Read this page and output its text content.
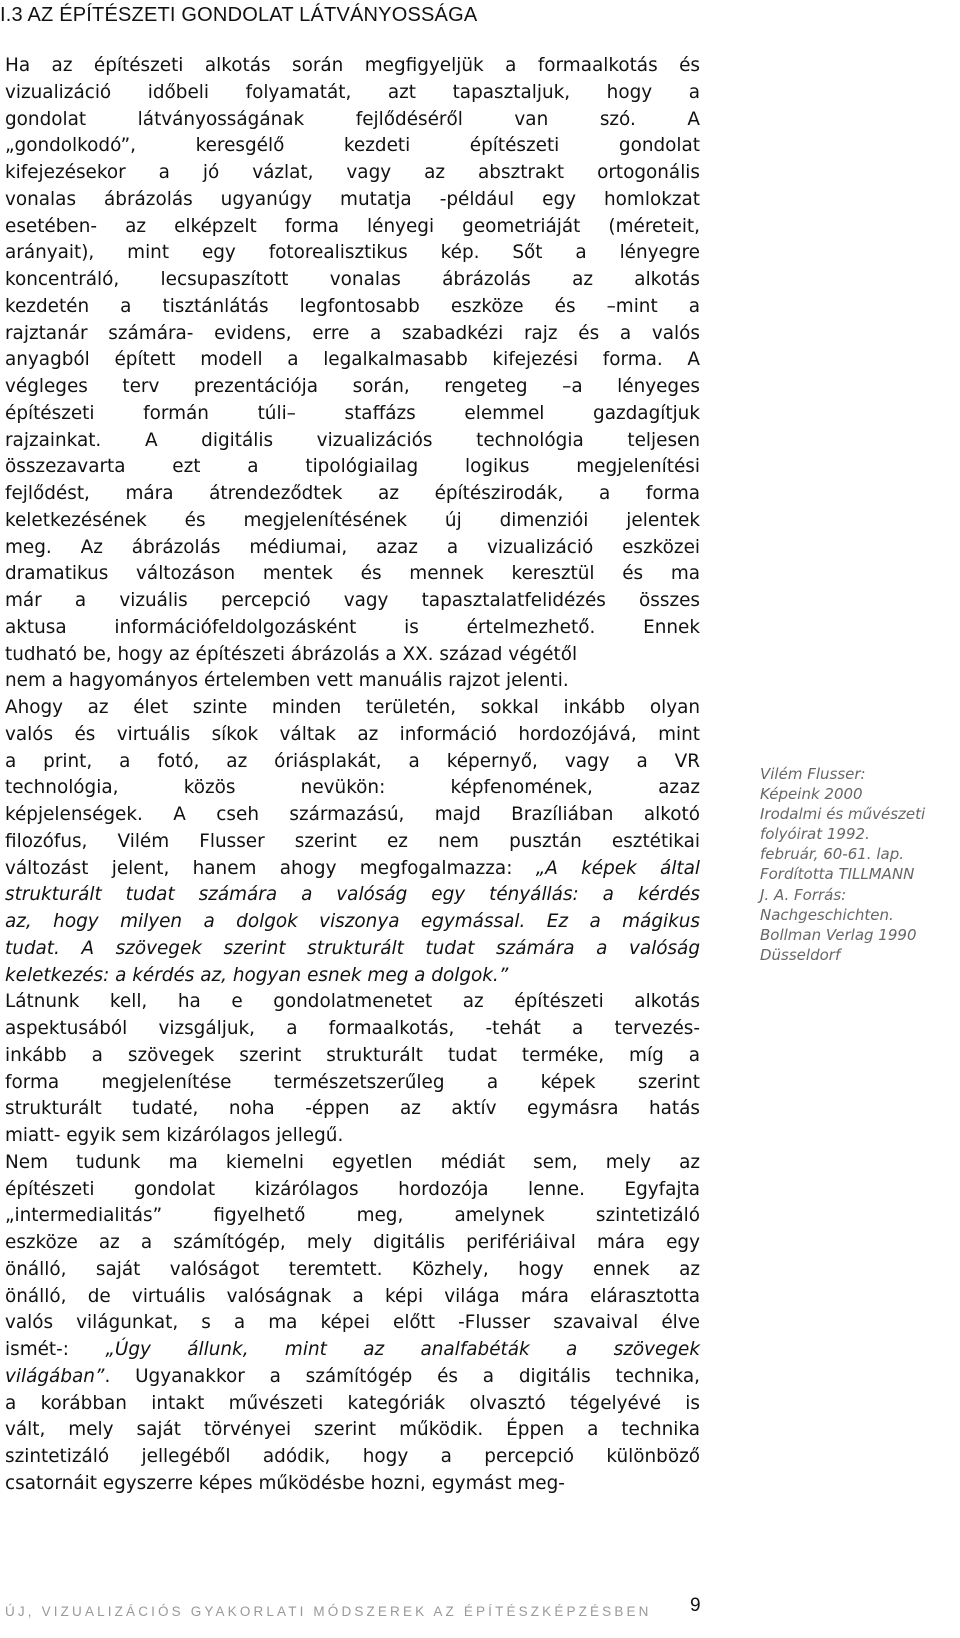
I.3 AZ ÉPÍTÉSZETI GONDOLAT LÁTVÁNYOSSÁGA
Ha az építészeti alkotás során megfigyeljük a formaalkotás és
vizualizáció időbeli folyamatát, azt tapasztaljuk, hogy a
gondolat látványosságának fejlődéséről van szó. A
„gondolkodó”, keresgélő kezdeti építészeti gondolat
kifejezésekor a jó vázlat, vagy az absztrakt ortogonális
vonalas ábrázolás ugyanúgy mutatja -például egy homlokzat
esetében- az elképzelt forma lényegi geometriáját (méreteit,
arányait), mint egy fotorealisztikus kép. Sőt a lényegre
koncentráló, lecsupaszított vonalas ábrázolás az alkotás
kezdetén a tisztánlátás legfontosabb eszköze és –mint a
rajztanár számára- evidens, erre a szabadkézi rajz és a valós
anyagból épített modell a legalkalmasabb kifejezési forma. A
végleges terv prezentációja során, rengeteg –a lényeges
építészeti formán túli– staffázs elemmel gazdagítjuk
rajzainkat. A digitális vizualizációs technológia teljesen
összezavarta ezt a tipológiailag logikus megjelenítési
fejlődést, mára átrendeződtek az építészirodák, a forma
keletkezésének és megjelenítésének új dimenziói jelentek
meg. Az ábrázolás médiumai, azaz a vizualizáció eszközei
dramatikus változáson mentek és mennek keresztül és ma
már a vizuális percepció vagy tapasztalatfelidézés összes
aktusa információfeldolgozásként is értelmezhető. Ennek
tudható be, hogy az építészeti ábrázolás a XX. század végétől
nem a hagyományos értelemben vett manuális rajzot jelenti.
Ahogy az élet szinte minden területén, sokkal inkább olyan
valós és virtuális síkok váltak az információ hordozójává, mint
a print, a fotó, az óriásplakát, a képernyő, vagy a VR
technológia, közös nevükön: képfenomének, azaz
képjelenségek. A cseh származású, majd Brazíliában alkotó
filozófus, Vilém Flusser szerint ez nem pusztán esztétikai
változást jelent, hanem ahogy megfogalmazza: „A képek által
strukturált tudat számára a valóság egy tényállás: a kérdés
az, hogy milyen a dolgok viszonya egymással. Ez a mágikus
tudat. A szövegek szerint strukturált tudat számára a valóság
keletkezés: a kérdés az, hogyan esnek meg a dolgok.”
Látnunk kell, ha e gondolatmenetet az építészeti alkotás
aspektusából vizsgáljuk, a formaalkotás, -tehát a tervezés-
inkább a szövegek szerint strukturált tudat terméke, míg a
forma megjelenítése természetszerűleg a képek szerint
strukturált tudaté, noha -éppen az aktív egymásra hatás
miatt- egyik sem kizárólagos jellegű.
Nem tudunk ma kiemelni egyetlen médiát sem, mely az
építészeti gondolat kizárólagos hordozója lenne. Egyfajta
„intermedialitás” figyelhető meg, amelynek szintetizáló
eszköze az a számítógép, mely digitális perifériáival mára egy
önálló, saját valóságot teremtett. Közhely, hogy ennek az
önálló, de virtuális valóságnak a képi világa mára elárasztotta
valós világunkat, s a ma képei előtt -Flusser szavaival élve
ismét-: „Úgy állunk, mint az analfabéták a szövegek
világában”. Ugyanakkor a számítógép és a digitális technika,
a korábban intakt művészeti kategóriák olvasztó tégelyévé is
vált, mely saját törvényei szerint működik. Éppen a technika
szintetizáló jellegéből adódik, hogy a percepció különböző
csatornáit egyszerre képes működésbe hozni, egymást meg-
Vilém Flusser:
Képeink 2000
Irodalmi és művészeti
folyóirat 1992.
február, 60-61. lap.
Fordította TILLMANN
J. A. Forrás:
Nachgeschichten.
Bollman Verlag 1990
Düsseldorf
ÚJ, VIZUALIZÁCIÓS GYAKORLATI MÓDSZEREK AZ ÉPÍTÉSZKÉPZÉSBEN	9
